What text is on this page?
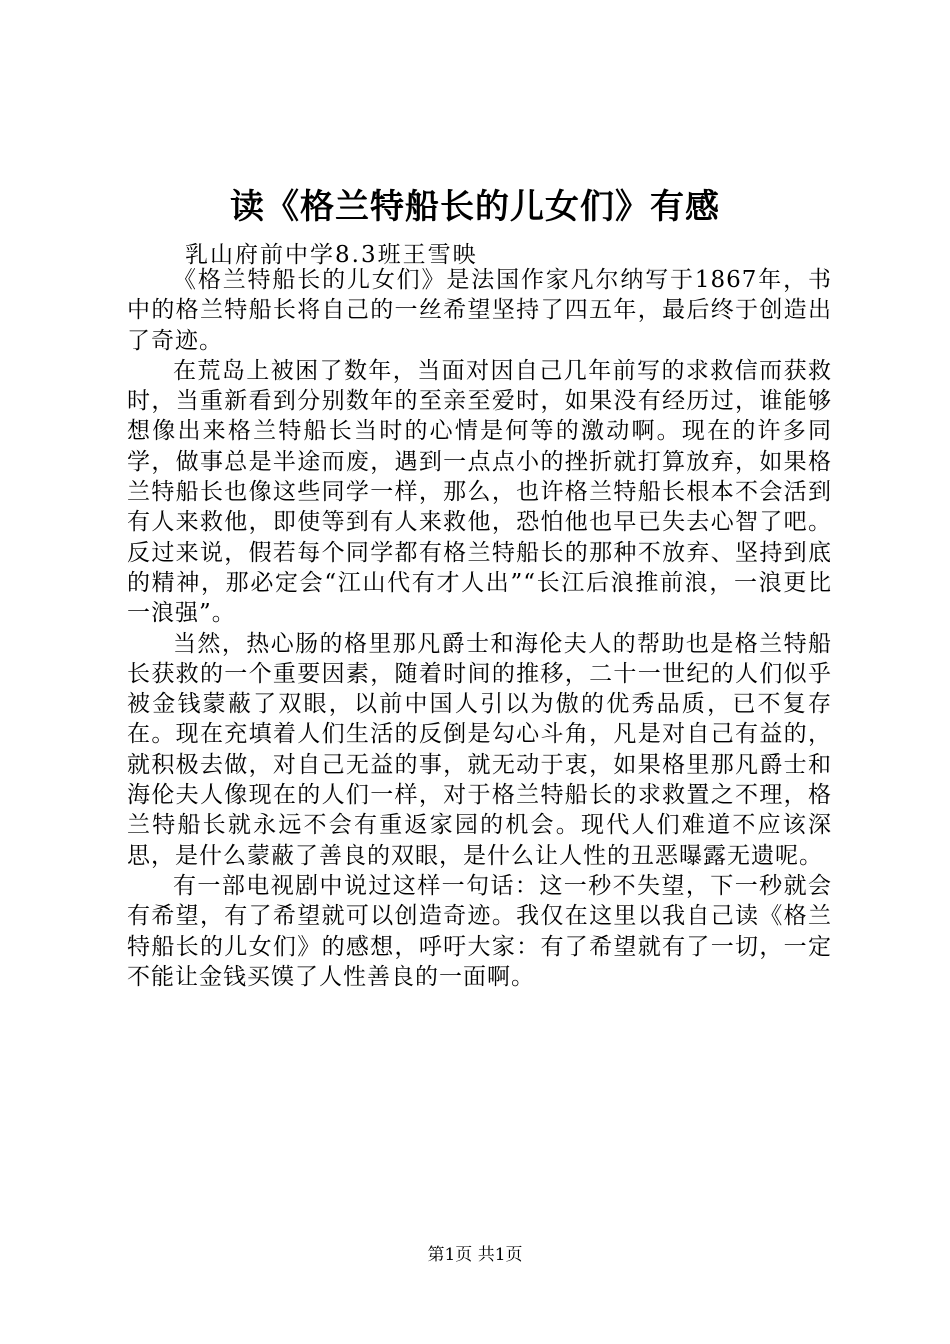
读《格兰特船长的儿女们》有感
乳山府前中学8.3班王雪映

《格兰特船长的儿女们》是法国作家凡尔纳写于1867年，书中的格兰特船长将自己的一丝希望坚持了四五年，最后终于创造出了奇迹。

在荒岛上被困了数年，当面对因自己几年前写的求救信而获救时，当重新看到分别数年的至亲至爱时，如果没有经历过，谁能够想像出来格兰特船长当时的心情是何等的激动啊。现在的许多同学，做事总是半途而废，遇到一点点小的挫折就打算放弃，如果格兰特船长也像这些同学一样，那么，也许格兰特船长根本不会活到有人来救他，即使等到有人来救他，恐怕他也早已失去心智了吧。反过来说，假若每个同学都有格兰特船长的那种不放弃、坚持到底的精神，那必定会“江山代有才人出”“长江后浪推前浪，一浪更比一浪强”。

当然，热心肠的格里那凡爵士和海伦夫人的帮助也是格兰特船长获救的一个重要因素，随着时间的推移，二十一世纪的人们似乎被金钱蒙蔽了双眼，以前中国人引以为傲的优秀品质，已不复存在。现在充填着人们生活的反倒是勾心斗角，凡是对自己有益的，就积极去做，对自己无益的事，就无动于衷，如果格里那凡爵士和海伦夫人像现在的人们一样，对于格兰特船长的求救置之不理，格兰特船长就永远不会有重返家园的机会。现代人们难道不应该深思，是什么蒙蔽了善良的双眼，是什么让人性的丑恶曝露无遗呢。

有一部电视剧中说过这样一句话：这一秒不失望，下一秒就会有希望，有了希望就可以创造奇迹。我仅在这里以我自己读《格兰特船长的儿女们》的感想，呼吁大家：有了希望就有了一切，一定不能让金钱买馍了人性善良的一面啊。

第1页 共1页
